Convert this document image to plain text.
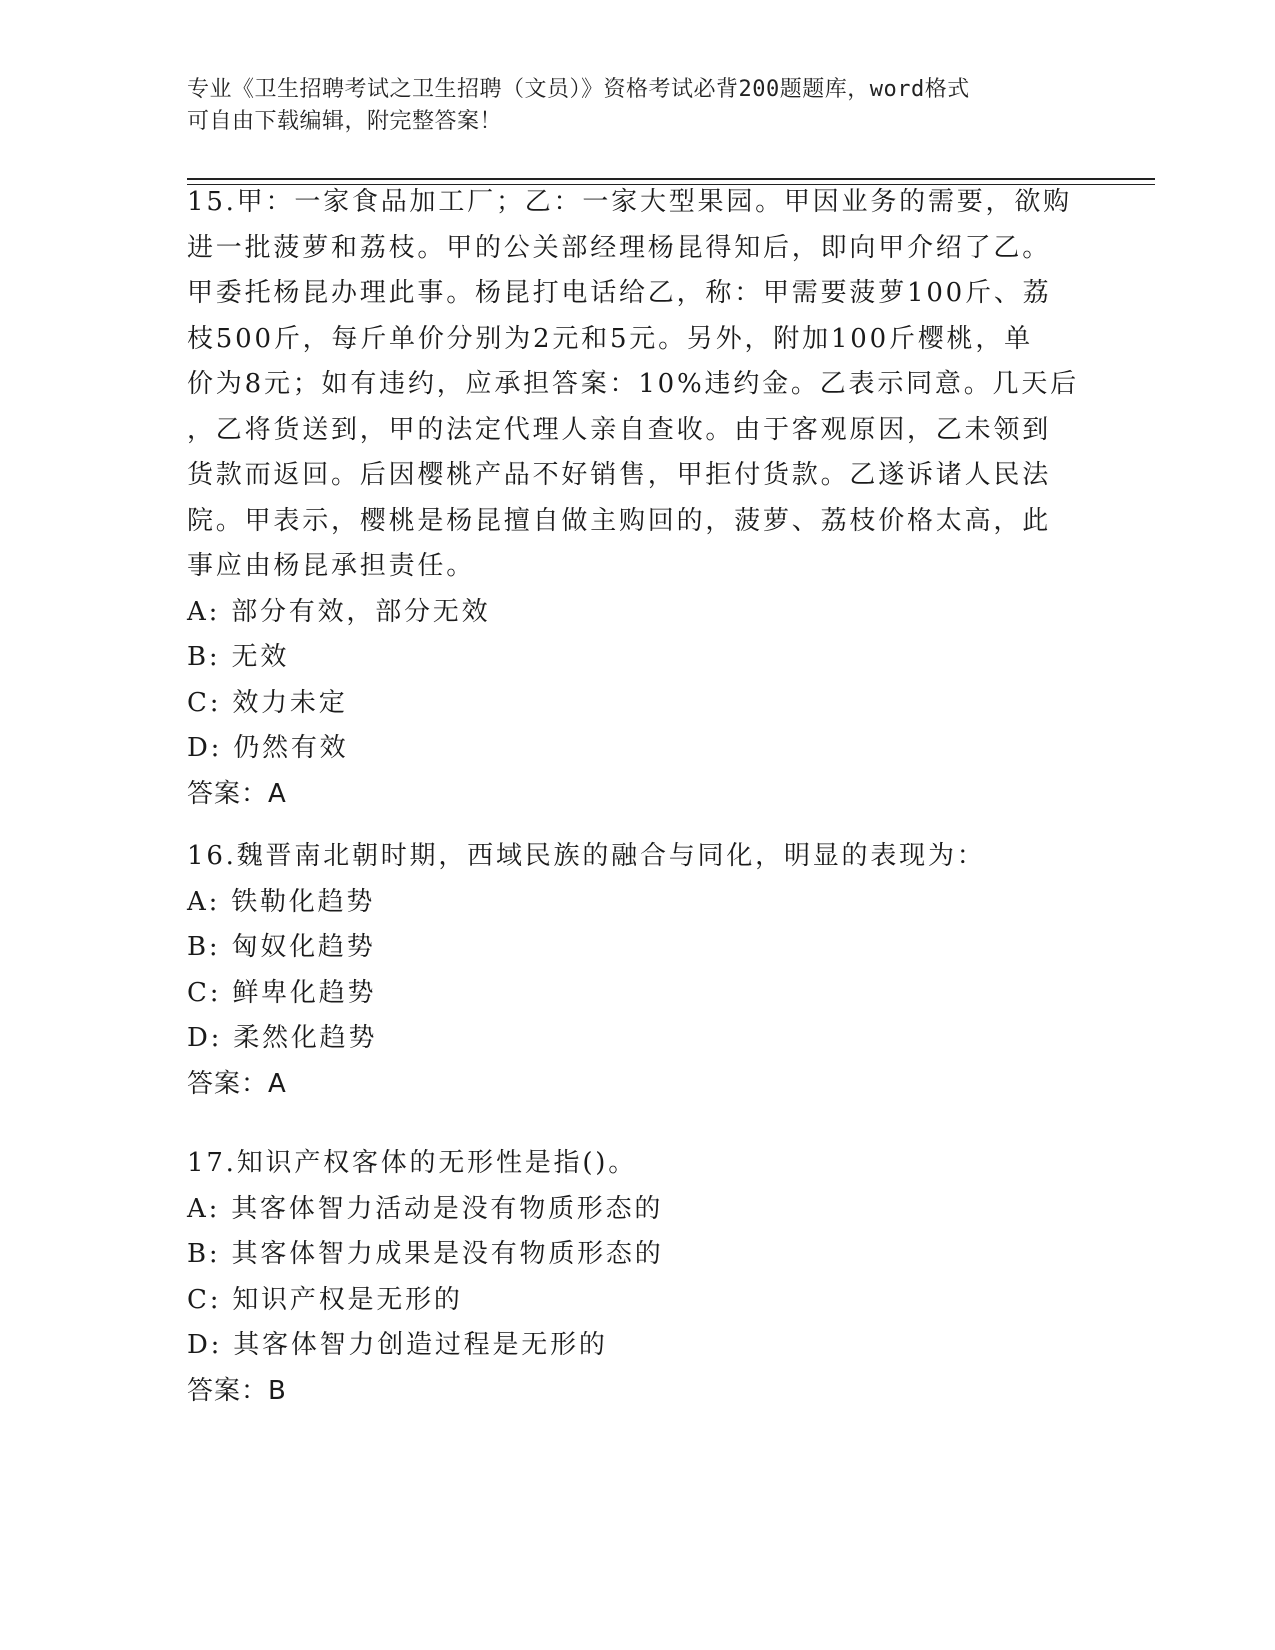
专业《卫生招聘考试之卫生招聘（文员）》资格考试必背200题题库，word格式
可自由下载编辑，附完整答案！
15.甲：一家食品加工厂；乙：一家大型果园。甲因业务的需要，欲购
进一批菠萝和荔枝。甲的公关部经理杨昆得知后，即向甲介绍了乙。
甲委托杨昆办理此事。杨昆打电话给乙，称：甲需要菠萝100斤、荔
枝500斤，每斤单价分别为2元和5元。另外，附加100斤樱桃，单
价为8元；如有违约，应承担答案：10%违约金。乙表示同意。几天后
，乙将货送到，甲的法定代理人亲自查收。由于客观原因，乙未领到
货款而返回。后因樱桃产品不好销售，甲拒付货款。乙遂诉诸人民法
院。甲表示，樱桃是杨昆擅自做主购回的，菠萝、荔枝价格太高，此
事应由杨昆承担责任。
A: 部分有效，部分无效
B: 无效
C: 效力未定
D: 仍然有效
答案：A
16.魏晋南北朝时期，西域民族的融合与同化，明显的表现为：
A: 铁勒化趋势
B: 匈奴化趋势
C: 鲜卑化趋势
D: 柔然化趋势
答案：A
17.知识产权客体的无形性是指()。
A: 其客体智力活动是没有物质形态的
B: 其客体智力成果是没有物质形态的
C: 知识产权是无形的
D: 其客体智力创造过程是无形的
答案：B
